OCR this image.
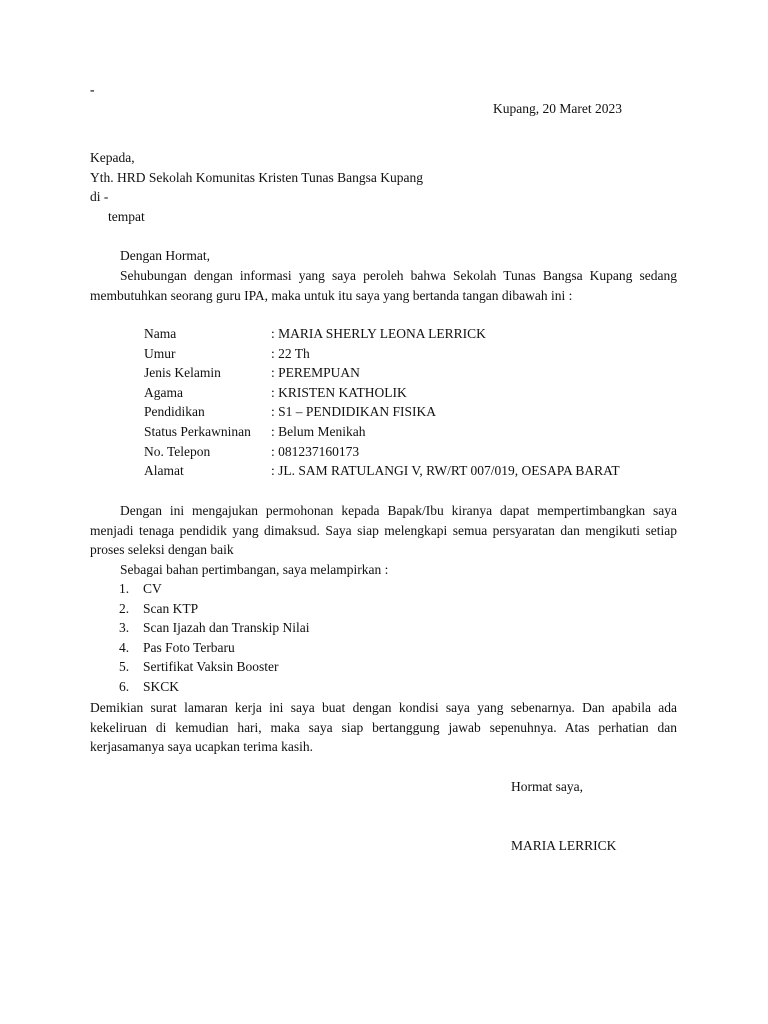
-
Kupang, 20 Maret 2023
Kepada,
Yth. HRD Sekolah Komunitas Kristen Tunas Bangsa Kupang
di -
tempat
Dengan Hormat,
Sehubungan dengan informasi yang saya peroleh bahwa Sekolah Tunas Bangsa Kupang sedang membutuhkan seorang guru IPA, maka untuk itu saya yang bertanda tangan dibawah ini :
Nama	: MARIA SHERLY LEONA LERRICK
Umur	: 22 Th
Jenis Kelamin	: PEREMPUAN
Agama	: KRISTEN KATHOLIK
Pendidikan	: S1 – PENDIDIKAN FISIKA
Status Perkawninan	: Belum Menikah
No. Telepon	: 081237160173
Alamat	: JL. SAM RATULANGI V, RW/RT 007/019, OESAPA BARAT
Dengan ini mengajukan permohonan kepada Bapak/Ibu kiranya dapat mempertimbangkan saya menjadi tenaga pendidik yang dimaksud. Saya siap melengkapi semua persyaratan dan mengikuti setiap proses seleksi dengan baik
Sebagai bahan pertimbangan, saya melampirkan :
1.	CV
2.	Scan KTP
3.	Scan Ijazah dan Transkip Nilai
4.	Pas Foto Terbaru
5.	Sertifikat Vaksin Booster
6.	SKCK
Demikian surat lamaran kerja ini saya buat dengan kondisi saya yang sebenarnya. Dan apabila ada kekeliruan di kemudian hari, maka saya siap bertanggung jawab sepenuhnya. Atas perhatian dan kerjasamanya saya ucapkan terima kasih.
Hormat saya,
MARIA LERRICK
